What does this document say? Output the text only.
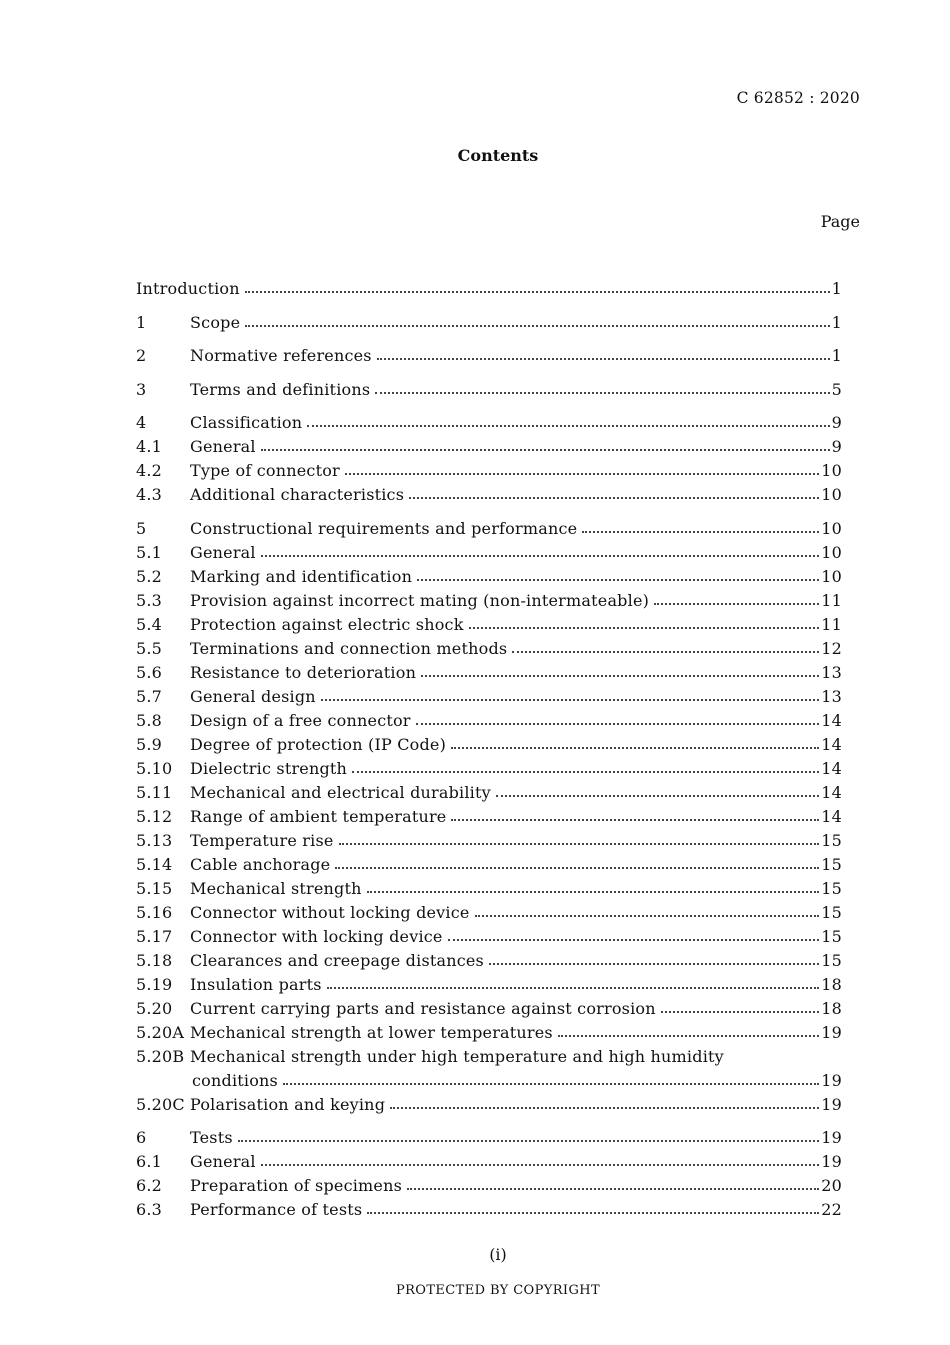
C 62852 : 2020
Contents
Page
Introduction	1
1	Scope	1
2	Normative references	1
3	Terms and definitions	5
4	Classification	9
4.1	General	9
4.2	Type of connector	10
4.3	Additional characteristics	10
5	Constructional requirements and performance	10
5.1	General	10
5.2	Marking and identification	10
5.3	Provision against incorrect mating (non-intermateable)	11
5.4	Protection against electric shock	11
5.5	Terminations and connection methods	12
5.6	Resistance to deterioration	13
5.7	General design	13
5.8	Design of a free connector	14
5.9	Degree of protection (IP Code)	14
5.10	Dielectric strength	14
5.11	Mechanical and electrical durability	14
5.12	Range of ambient temperature	14
5.13	Temperature rise	15
5.14	Cable anchorage	15
5.15	Mechanical strength	15
5.16	Connector without locking device	15
5.17	Connector with locking device	15
5.18	Clearances and creepage distances	15
5.19	Insulation parts	18
5.20	Current carrying parts and resistance against corrosion	18
5.20A Mechanical strength at lower temperatures	19
5.20B Mechanical strength under high temperature and high humidity
conditions	19
5.20C Polarisation and keying	19
6	Tests	19
6.1	General	19
6.2	Preparation of specimens	20
6.3	Performance of tests	22
(i)
PROTECTED BY COPYRIGHT
